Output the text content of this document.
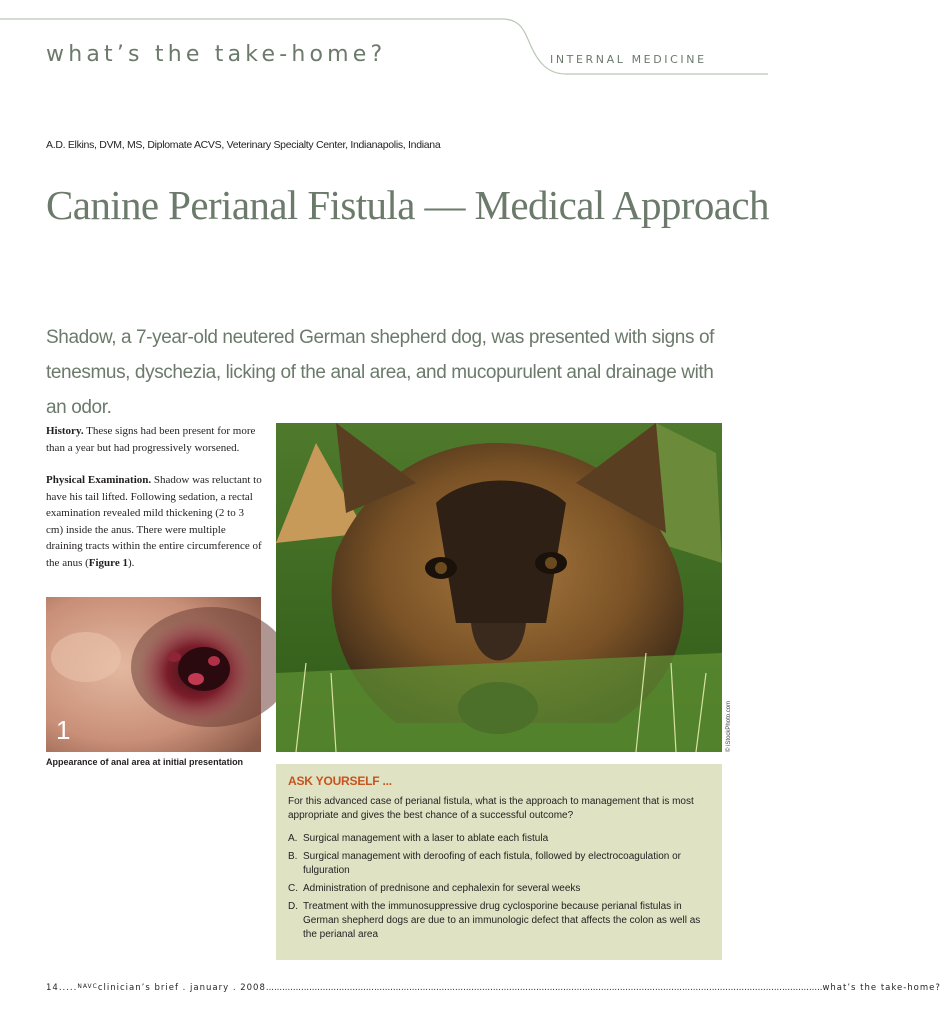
what’s the take-home?	INTERNAL MEDICINE
A.D. Elkins, DVM, MS, Diplomate ACVS, Veterinary Specialty Center, Indianapolis, Indiana
Canine Perianal Fistula — Medical Approach
Shadow, a 7-year-old neutered German shepherd dog, was presented with signs of tenesmus, dyschezia, licking of the anal area, and mucopurulent anal drainage with an odor.

History. These signs had been present for more than a year but had progressively worsened.

Physical Examination. Shadow was reluctant to have his tail lifted. Following sedation, a rectal examination revealed mild thickening (2 to 3 cm) inside the anus. There were multiple draining tracts within the entire circumference of the anus (Figure 1).

1
Appearance of anal area at initial presentation
© iStockPhoto.com
ASK YOURSELF ...
For this advanced case of perianal fistula, what is the approach to management that is most appropriate and gives the best chance of a successful outcome?
A. Surgical management with a laser to ablate each fistula
B. Surgical management with deroofing of each fistula, followed by electrocoagulation or fulguration
C. Administration of prednisone and cephalexin for several weeks
D. Treatment with the immunosuppressive drug cyclosporine because perianal fistulas in German shepherd dogs are due to an immunologic defect that affects the colon as well as the perianal area
14 ..... NAVC clinician’s brief . january . 2008 .............................................................................................................................................................................................................. what’s the take-home?
